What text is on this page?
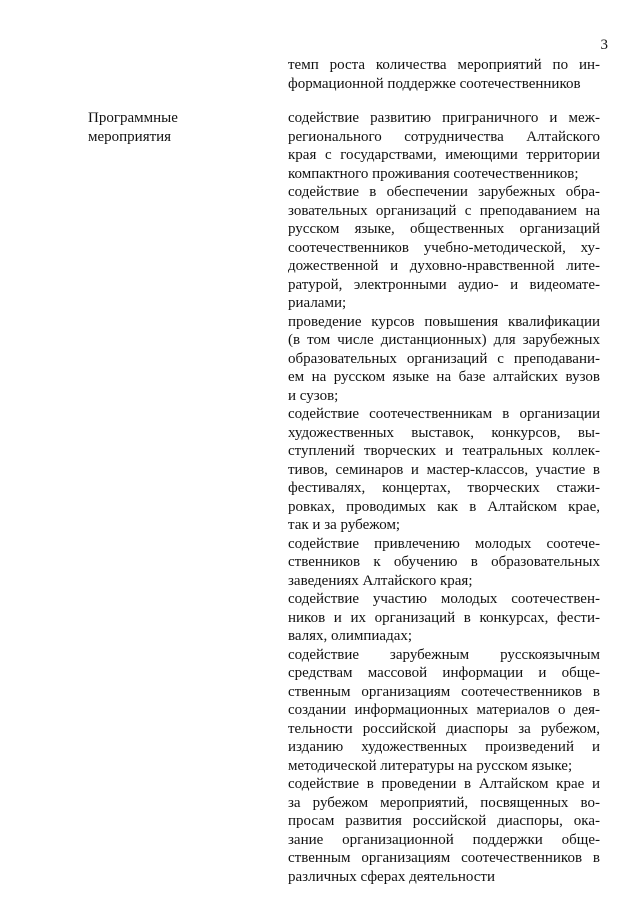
3
темп роста количества мероприятий по ин-
формационной поддержке соотечественников
Программные
мероприятия
содействие развитию приграничного и меж-
регионального сотрудничества Алтайского
края с государствами, имеющими территории
компактного проживания соотечественников;
содействие в обеспечении зарубежных обра-
зовательных организаций с преподаванием на
русском языке, общественных организаций
соотечественников учебно-методической, ху-
дожественной и духовно-нравственной лите-
ратурой, электронными аудио- и видеомате-
риалами;
проведение курсов повышения квалификации
(в том числе дистанционных) для зарубежных
образовательных организаций с преподавани-
ем на русском языке на базе алтайских вузов
и сузов;
содействие соотечественникам в организации
художественных выставок, конкурсов, вы-
ступлений творческих и театральных коллек-
тивов, семинаров и мастер-классов, участие в
фестивалях, концертах, творческих стажи-
ровках, проводимых как в Алтайском крае,
так и за рубежом;
содействие привлечению молодых соотече-
ственников к обучению в образовательных
заведениях Алтайского края;
содействие участию молодых соотечествен-
ников и их организаций в конкурсах, фести-
валях, олимпиадах;
содействие зарубежным русскоязычным
средствам массовой информации и обще-
ственным организациям соотечественников в
создании информационных материалов о дея-
тельности российской диаспоры за рубежом,
изданию художественных произведений и
методической литературы на русском языке;
содействие в проведении в Алтайском крае и
за рубежом мероприятий, посвященных во-
просам развития российской диаспоры, ока-
зание организационной поддержки обще-
ственным организациям соотечественников в
различных сферах деятельности
